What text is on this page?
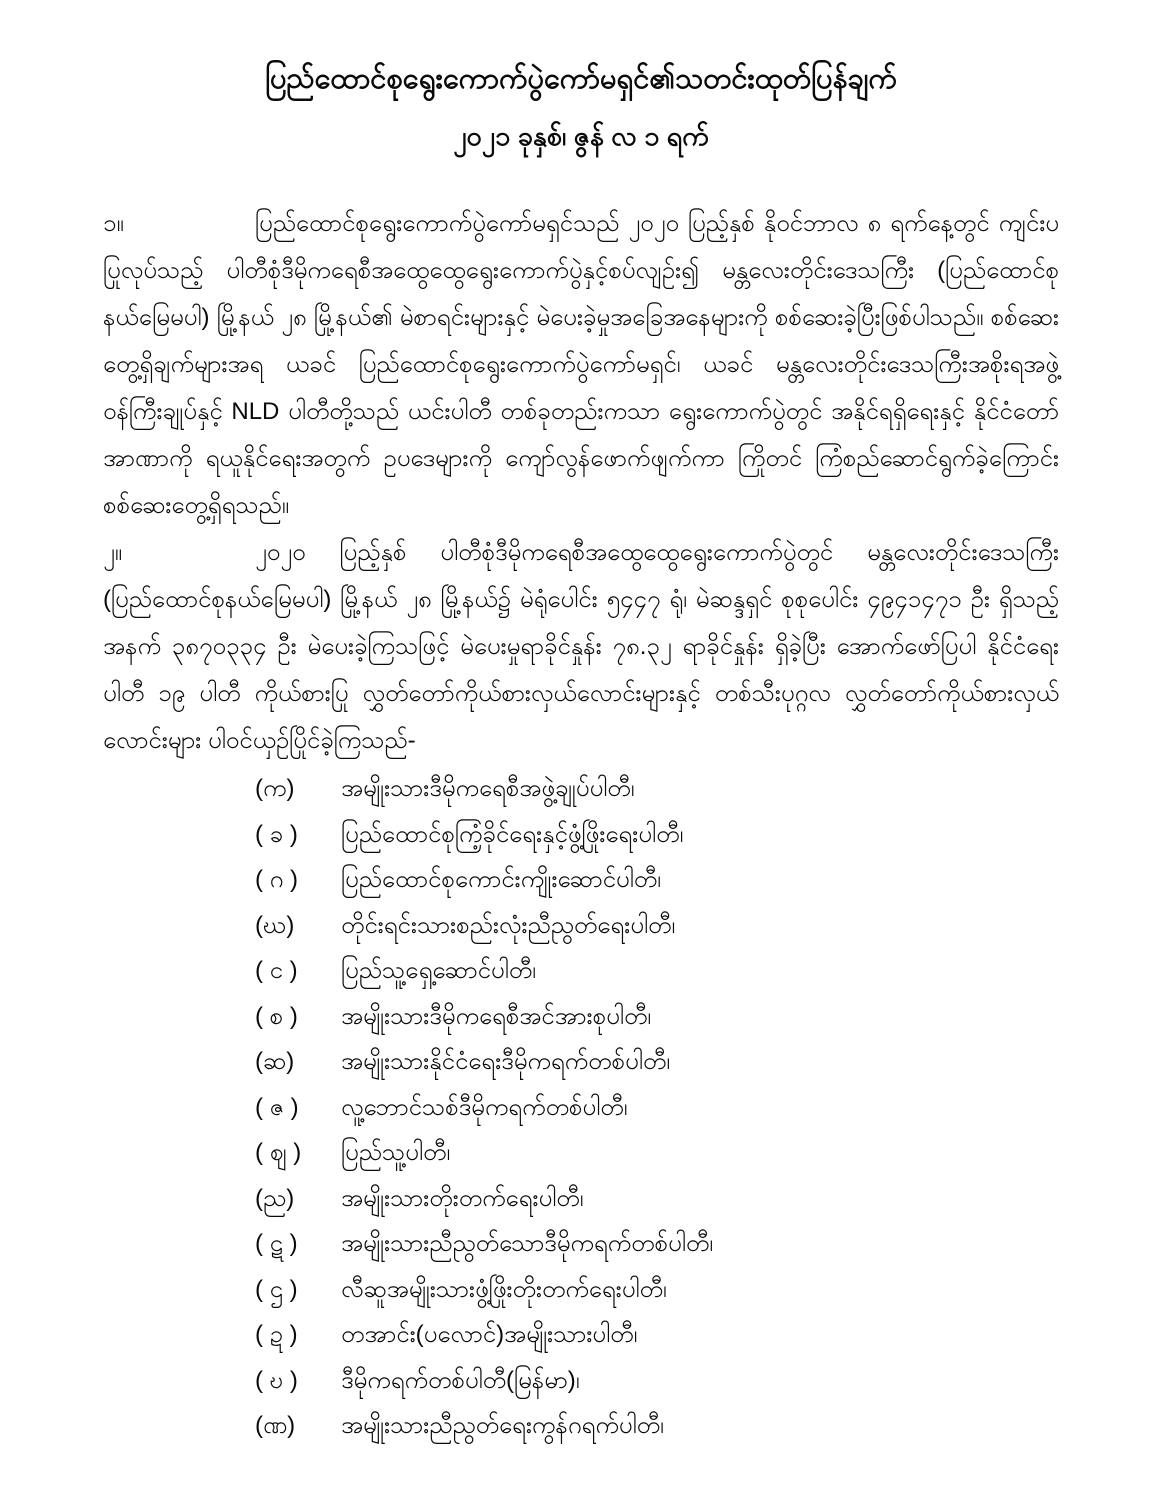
ပြည်ထောင်စုရွေးကောက်ပွဲကော်မရှင်၏သတင်းထုတ်ပြန်ချက်
၂၀၂၁ ခုနှစ်၊ ဇွန် လ ၁ ရက်

၁။	ပြည်ထောင်စုရွေးကောက်ပွဲကော်မရှင်သည် ၂၀၂၀ ပြည့်နှစ် နိုဝင်ဘာလ ၈ ရက်နေ့တွင် ကျင်းပပြုလုပ်သည့် ပါတီစုံဒီမိုကရေစီအထွေထွေရွေးကောက်ပွဲနှင့်စပ်လျဉ်း၍ မန္တလေးတိုင်းဒေသကြီး (ပြည်ထောင်စုနယ်မြေမပါ) မြို့နယ် ၂၈ မြို့နယ်၏ မဲစာရင်းများနှင့် မဲပေးခဲ့မှုအခြေအနေများကို စစ်ဆေးခဲ့ပြီးဖြစ်ပါသည်။ စစ်ဆေးတွေ့ရှိချက်များအရ ယခင် ပြည်ထောင်စုရွေးကောက်ပွဲကော်မရှင်၊ ယခင် မန္တလေးတိုင်းဒေသကြီးအစိုးရအဖွဲ့ ဝန်ကြီးချုပ်နှင့် NLD ပါတီတို့သည် ယင်းပါတီ တစ်ခုတည်းကသာ ရွေးကောက်ပွဲတွင် အနိုင်ရရှိရေးနှင့် နိုင်ငံတော်အာဏာကို ရယူနိုင်ရေးအတွက် ဥပဒေများကို ကျော်လွန်ဖောက်ဖျက်ကာ ကြိုတင် ကြံစည်ဆောင်ရွက်ခဲ့ကြောင်း စစ်ဆေးတွေ့ရှိရသည်။

၂။	၂၀၂၀ ပြည့်နှစ် ပါတီစုံဒီမိုကရေစီအထွေထွေရွေးကောက်ပွဲတွင် မန္တလေးတိုင်းဒေသကြီး (ပြည်ထောင်စုနယ်မြေမပါ) မြို့နယ် ၂၈ မြို့နယ်၌ မဲရုံပေါင်း ၅၄၄၇ ရုံ၊ မဲဆန္ဒရှင် စုစုပေါင်း ၄၉၄၁၄၇၁ ဦး ရှိသည့်အနက် ၃၈၇၀၃၃၄ ဦး မဲပေးခဲ့ကြသဖြင့် မဲပေးမှုရာခိုင်နှုန်း ၇၈.၃၂ ရာခိုင်နှုန်း ရှိခဲ့ပြီး အောက်ဖော်ပြပါ နိုင်ငံရေးပါတီ ၁၉ ပါတီ ကိုယ်စားပြု လွှတ်တော်ကိုယ်စားလှယ်လောင်းများနှင့် တစ်သီးပုဂ္ဂလ လွှတ်တော်ကိုယ်စားလှယ်လောင်းများ ပါဝင်ယှဉ်ပြိုင်ခဲ့ကြသည်-

(က)	အမျိုးသားဒီမိုကရေစီအဖွဲ့ချုပ်ပါတီ၊
( ခ )	ပြည်ထောင်စုကြံ့ခိုင်ရေးနှင့်ဖွံ့ဖြိုးရေးပါတီ၊
( ဂ )	ပြည်ထောင်စုကောင်းကျိုးဆောင်ပါတီ၊
(ဃ)	တိုင်းရင်းသားစည်းလုံးညီညွတ်ရေးပါတီ၊
( င )	ပြည်သူ့ရှေ့ဆောင်ပါတီ၊
( စ )	အမျိုးသားဒီမိုကရေစီအင်အားစုပါတီ၊
(ဆ)	အမျိုးသားနိုင်ငံရေးဒီမိုကရက်တစ်ပါတီ၊
( ဇ )	လူ့ဘောင်သစ်ဒီမိုကရက်တစ်ပါတီ၊
( ဈ )	ပြည်သူ့ပါတီ၊
(ည)	အမျိုးသားတိုးတက်ရေးပါတီ၊
( ဋ )	အမျိုးသားညီညွတ်သောဒီမိုကရက်တစ်ပါတီ၊
( ဌ )	လီဆူအမျိုးသားဖွံ့ဖြိုးတိုးတက်ရေးပါတီ၊
( ဍ )	တအာင်း(ပလောင်)အမျိုးသားပါတီ၊
( ဎ )	ဒီမိုကရက်တစ်ပါတီ(မြန်မာ)၊
(ဏ)	အမျိုးသားညီညွတ်ရေးကွန်ဂရက်ပါတီ၊
